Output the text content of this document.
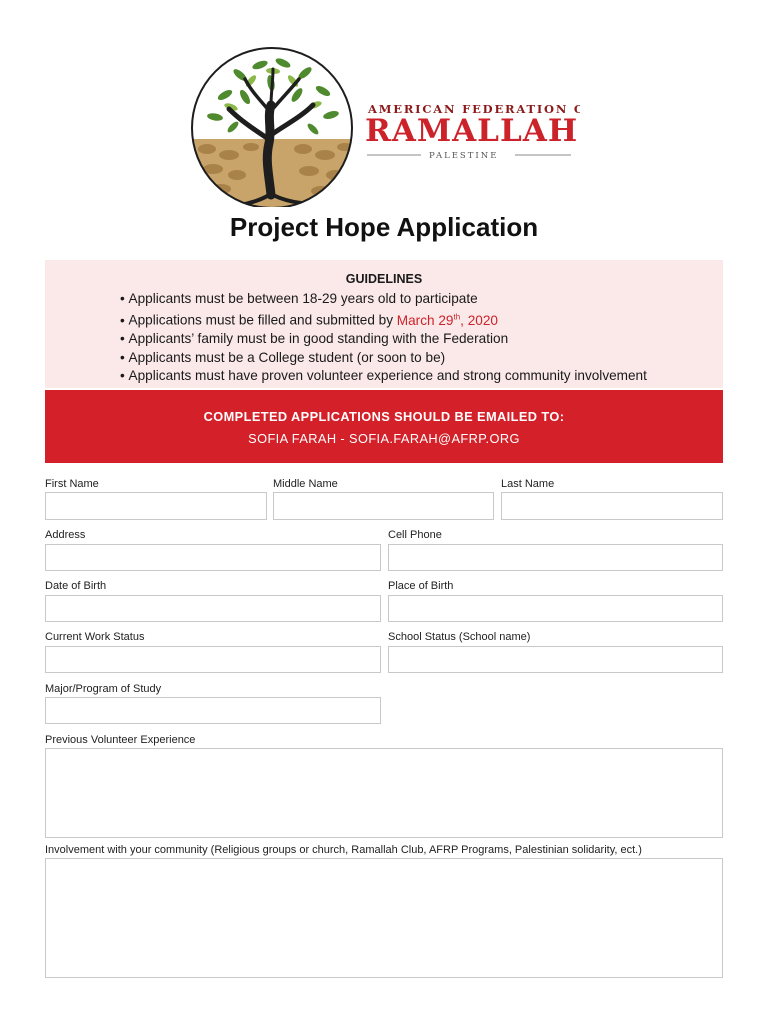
AMERICAN FEDERATION OF
RAMALLAH
PALESTINE
Project Hope Application
GUIDELINES
• Applicants must be between 18-29 years old to participate
• Applications must be filled and submitted by March 29th, 2020
• Applicants’ family must be in good standing with the Federation
• Applicants must be a College student (or soon to be)
• Applicants must have proven volunteer experience and strong community involvement
COMPLETED APPLICATIONS SHOULD BE EMAILED TO:
SOFIA FARAH - SOFIA.FARAH@AFRP.ORG
First Name	Middle Name	Last Name
Address	Cell Phone
Date of Birth	Place of Birth
Current Work Status	School Status (School name)
Major/Program of Study
Previous Volunteer Experience
Involvement with your community (Religious groups or church, Ramallah Club, AFRP Programs, Palestinian solidarity, ect.)
